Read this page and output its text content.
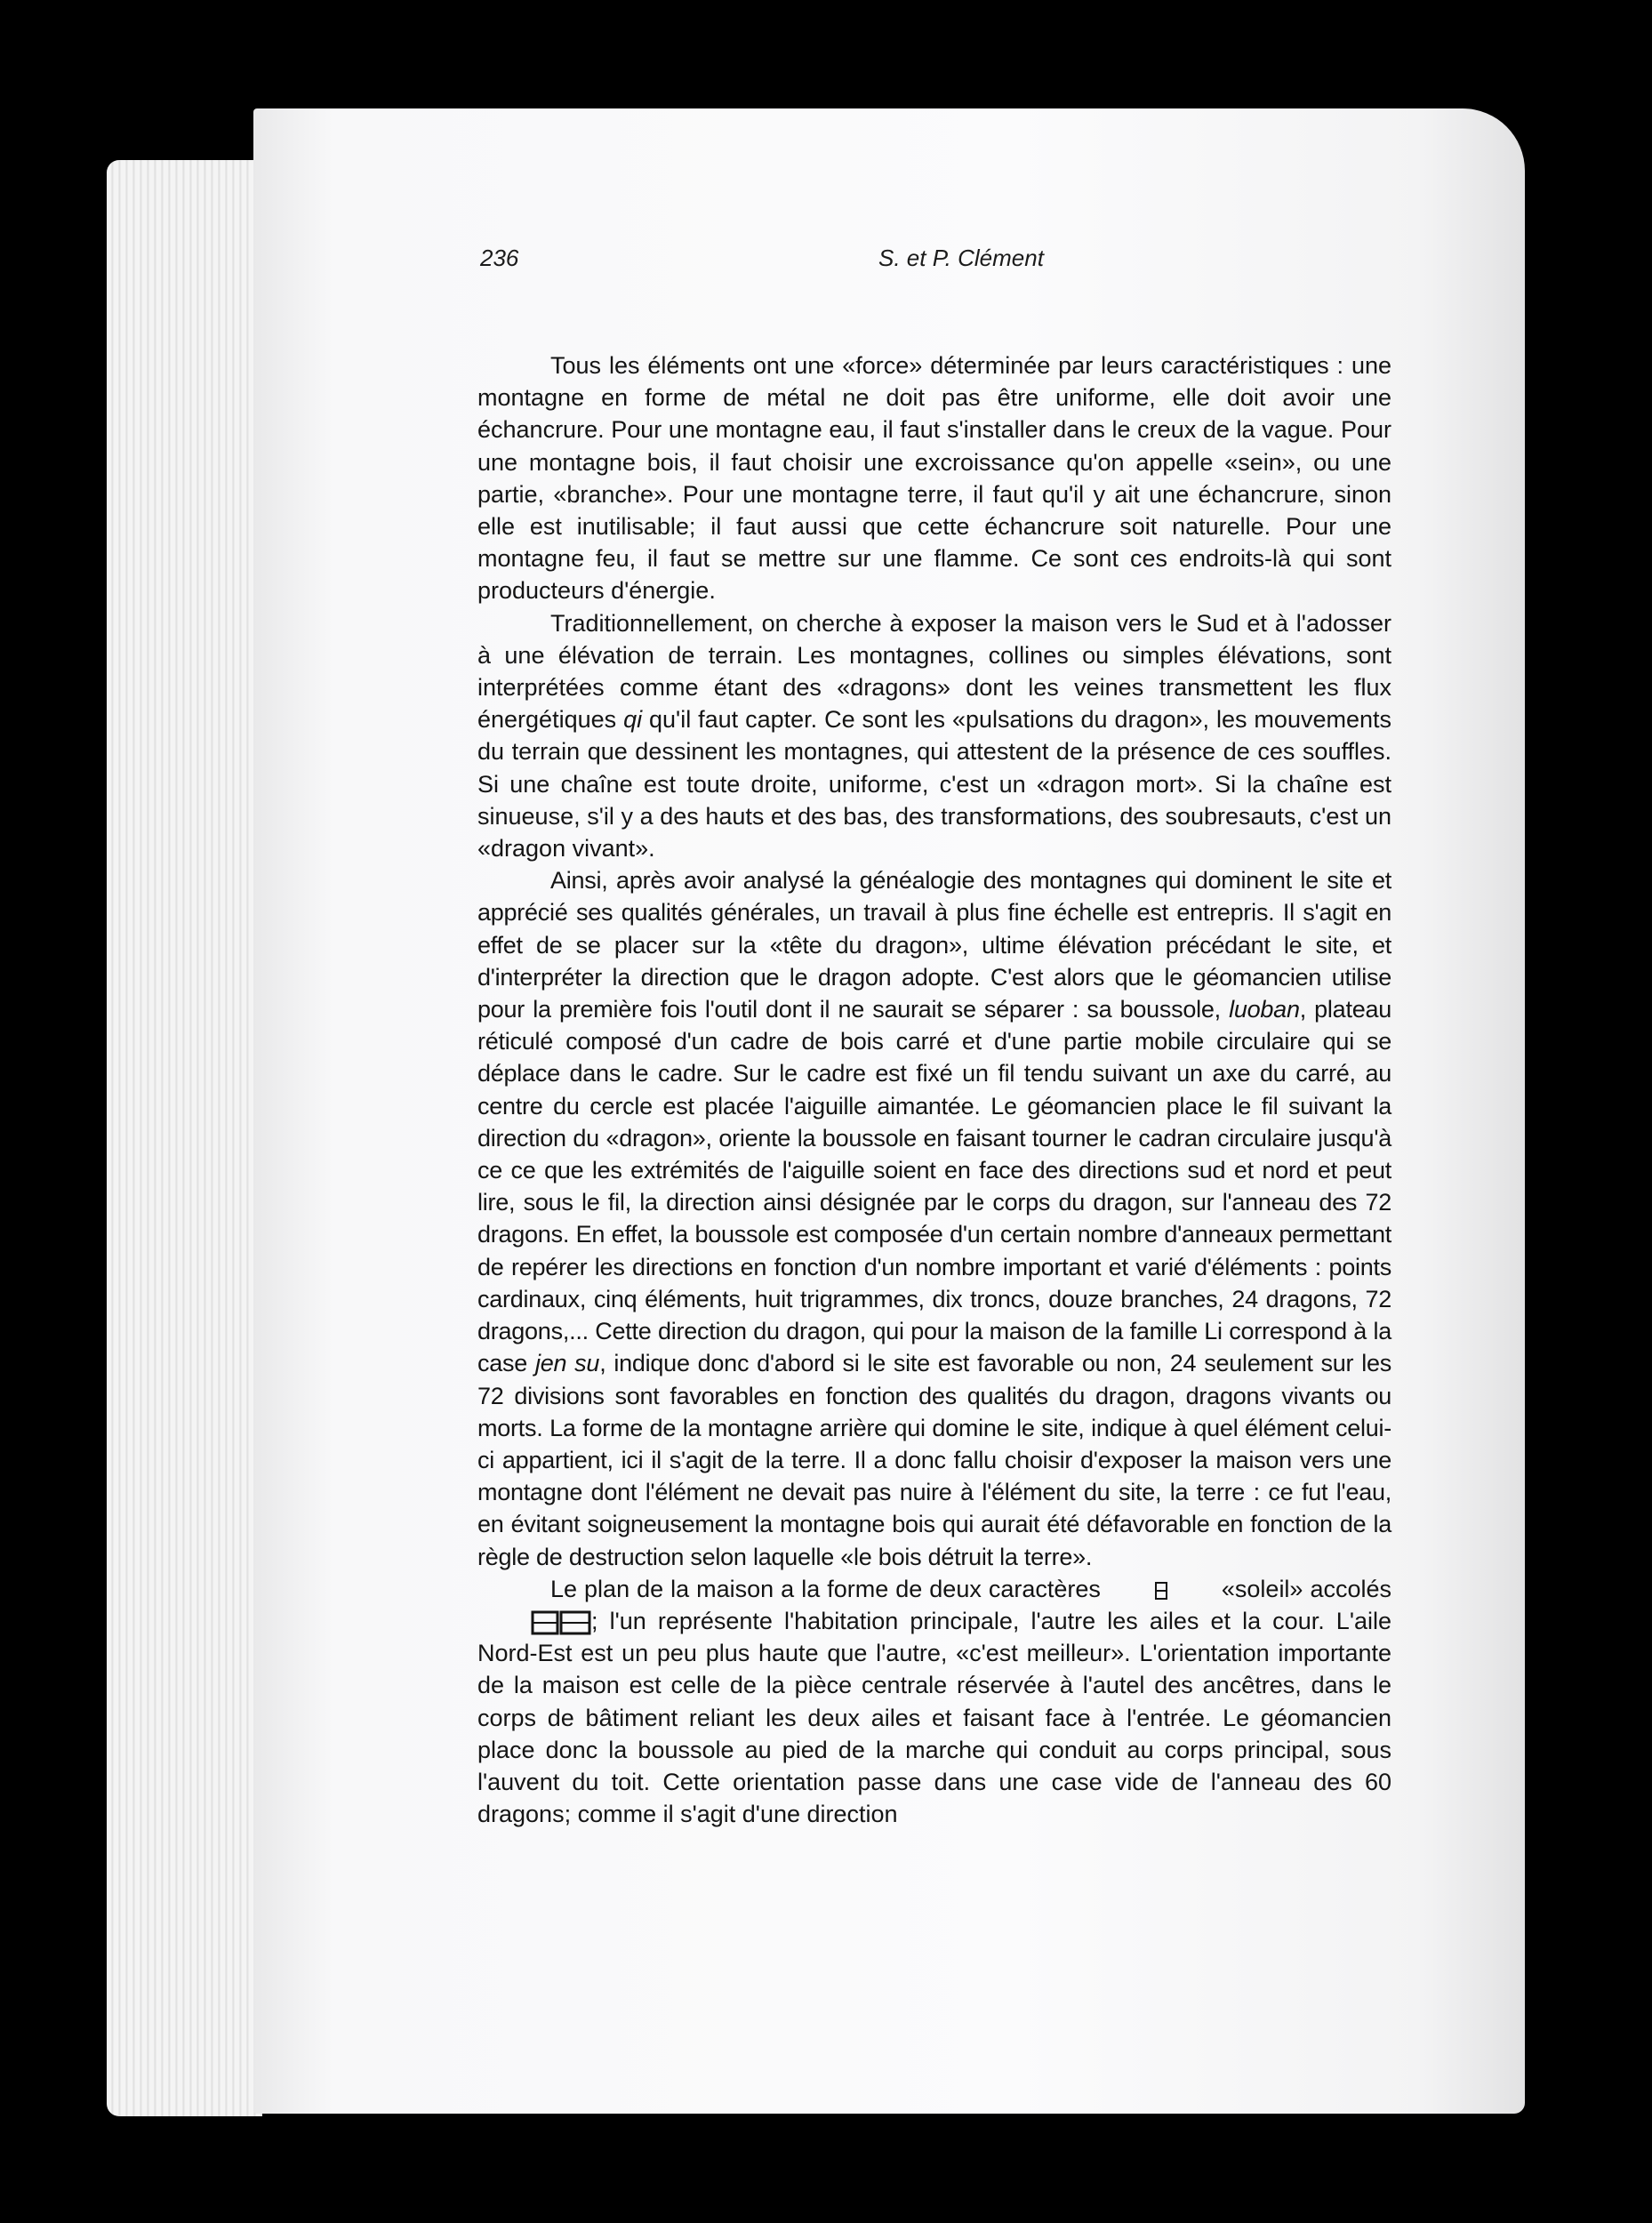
236	S. et P. Clément

Tous les éléments ont une «force» déterminée par leurs caractéristiques : une montagne en forme de métal ne doit pas être uniforme, elle doit avoir une échancrure. Pour une montagne eau, il faut s'installer dans le creux de la vague. Pour une montagne bois, il faut choisir une excroissance qu'on appelle «sein», ou une partie, «branche». Pour une montagne terre, il faut qu'il y ait une échancrure, sinon elle est inutilisable; il faut aussi que cette échancrure soit naturelle. Pour une montagne feu, il faut se mettre sur une flamme. Ce sont ces endroits-là qui sont producteurs d'énergie.

Traditionnellement, on cherche à exposer la maison vers le Sud et à l'adosser à une élévation de terrain. Les montagnes, collines ou simples élévations, sont interprétées comme étant des «dragons» dont les veines transmettent les flux énergétiques qi qu'il faut capter. Ce sont les «pulsations du dragon», les mouvements du terrain que dessinent les montagnes, qui attestent de la présence de ces souffles. Si une chaîne est toute droite, uniforme, c'est un «dragon mort». Si la chaîne est sinueuse, s'il y a des hauts et des bas, des transformations, des soubresauts, c'est un «dragon vivant».

Ainsi, après avoir analysé la généalogie des montagnes qui dominent le site et apprécié ses qualités générales, un travail à plus fine échelle est entrepris. Il s'agit en effet de se placer sur la «tête du dragon», ultime élévation précédant le site, et d'interpréter la direction que le dragon adopte. C'est alors que le géomancien utilise pour la première fois l'outil dont il ne saurait se séparer : sa boussole, luoban, plateau réticulé composé d'un cadre de bois carré et d'une partie mobile circulaire qui se déplace dans le cadre. Sur le cadre est fixé un fil tendu suivant un axe du carré, au centre du cercle est placée l'aiguille aimantée. Le géomancien place le fil suivant la direction du «dragon», oriente la boussole en faisant tourner le cadran circulaire jusqu'à ce ce que les extrémités de l'aiguille soient en face des directions sud et nord et peut lire, sous le fil, la direction ainsi désignée par le corps du dragon, sur l'anneau des 72 dragons. En effet, la boussole est composée d'un certain nombre d'anneaux permettant de repérer les directions en fonction d'un nombre important et varié d'éléments : points cardinaux, cinq éléments, huit trigrammes, dix troncs, douze branches, 24 dragons, 72 dragons,... Cette direction du dragon, qui pour la maison de la famille Li correspond à la case jen su, indique donc d'abord si le site est favorable ou non, 24 seulement sur les 72 divisions sont favorables en fonction des qualités du dragon, dragons vivants ou morts. La forme de la montagne arrière qui domine le site, indique à quel élément celui-ci appartient, ici il s'agit de la terre. Il a donc fallu choisir d'exposer la maison vers une montagne dont l'élément ne devait pas nuire à l'élément du site, la terre : ce fut l'eau, en évitant soigneusement la montagne bois qui aurait été défavorable en fonction de la règle de destruction selon laquelle «le bois détruit la terre».

Le plan de la maison a la forme de deux caractères	«soleil» accolés
; l'un représente l'habitation principale, l'autre les ailes et la cour. L'aile Nord-Est est un peu plus haute que l'autre, «c'est meilleur». L'orientation importante de la maison est celle de la pièce centrale réservée à l'autel des ancêtres, dans le corps de bâtiment reliant les deux ailes et faisant face à l'entrée. Le géomancien place donc la boussole au pied de la marche qui conduit au corps principal, sous l'auvent du toit. Cette orientation passe dans une case vide de l'anneau des 60 dragons; comme il s'agit d'une direction
